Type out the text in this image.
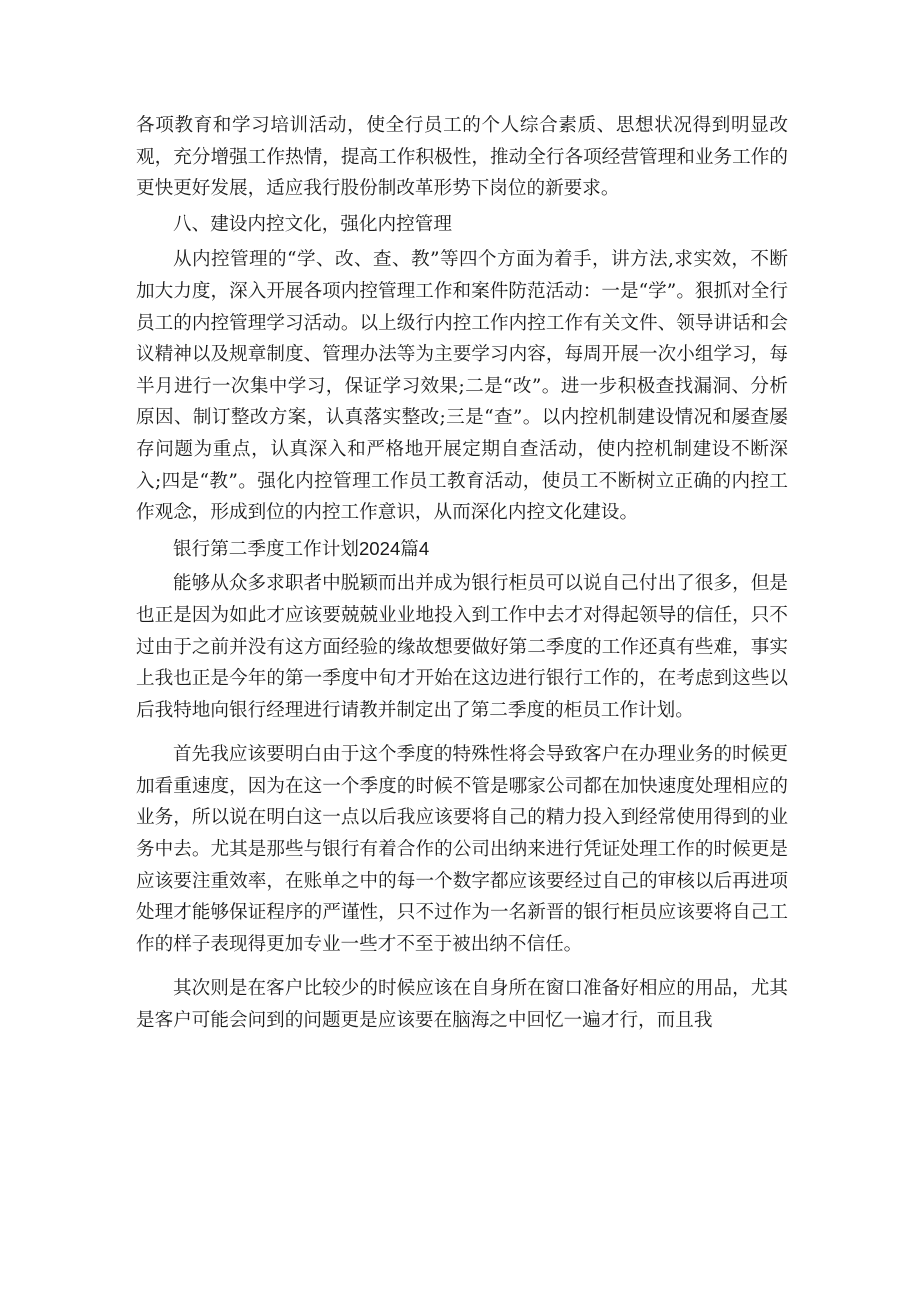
各项教育和学习培训活动，使全行员工的个人综合素质、思想状况得到明显改观，充分增强工作热情，提高工作积极性，推动全行各项经营管理和业务工作的更快更好发展，适应我行股份制改革形势下岗位的新要求。

八、建设内控文化，强化内控管理

从内控管理的“学、改、查、教”等四个方面为着手，讲方法,求实效，不断加大力度，深入开展各项内控管理工作和案件防范活动：一是“学”。狠抓对全行员工的内控管理学习活动。以上级行内控工作内控工作有关文件、领导讲话和会议精神以及规章制度、管理办法等为主要学习内容，每周开展一次小组学习，每半月进行一次集中学习，保证学习效果;二是“改”。进一步积极查找漏洞、分析原因、制订整改方案，认真落实整改;三是“查”。以内控机制建设情况和屡查屡存问题为重点，认真深入和严格地开展定期自查活动，使内控机制建设不断深入;四是“教”。强化内控管理工作员工教育活动，使员工不断树立正确的内控工作观念，形成到位的内控工作意识，从而深化内控文化建设。

银行第二季度工作计划2024篇4

能够从众多求职者中脱颖而出并成为银行柜员可以说自己付出了很多，但是也正是因为如此才应该要兢兢业业地投入到工作中去才对得起领导的信任，只不过由于之前并没有这方面经验的缘故想要做好第二季度的工作还真有些难，事实上我也正是今年的第一季度中旬才开始在这边进行银行工作的，在考虑到这些以后我特地向银行经理进行请教并制定出了第二季度的柜员工作计划。

首先我应该要明白由于这个季度的特殊性将会导致客户在办理业务的时候更加看重速度，因为在这一个季度的时候不管是哪家公司都在加快速度处理相应的业务，所以说在明白这一点以后我应该要将自己的精力投入到经常使用得到的业务中去。尤其是那些与银行有着合作的公司出纳来进行凭证处理工作的时候更是应该要注重效率，在账单之中的每一个数字都应该要经过自己的审核以后再进项处理才能够保证程序的严谨性，只不过作为一名新晋的银行柜员应该要将自己工作的样子表现得更加专业一些才不至于被出纳不信任。

其次则是在客户比较少的时候应该在自身所在窗口准备好相应的用品，尤其是客户可能会问到的问题更是应该要在脑海之中回忆一遍才行，而且我
